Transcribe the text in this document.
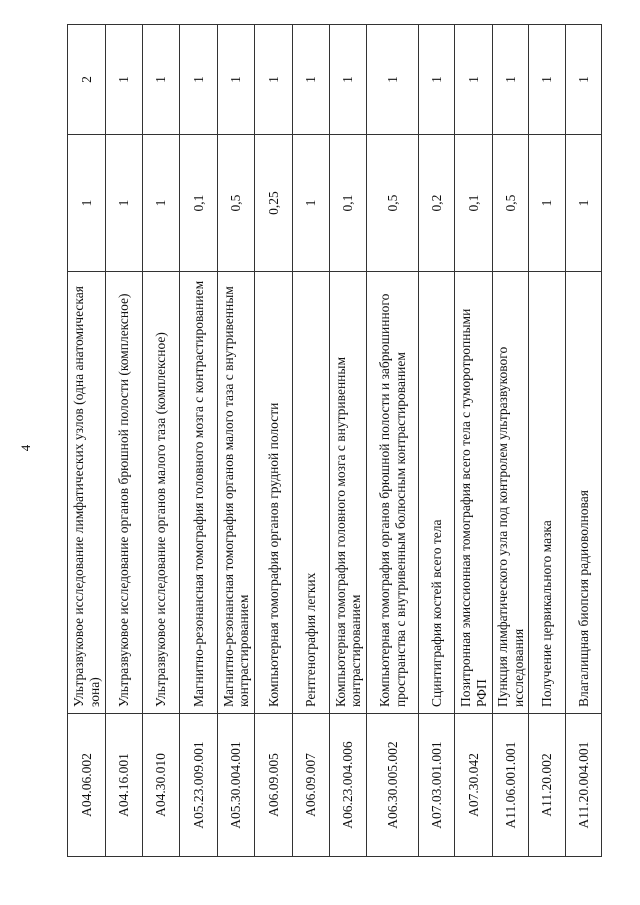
4
A04.06.002	Ультразвуковое исследование лимфатических узлов (одна анатомическая зона)	1	2
A04.16.001	Ультразвуковое исследование органов брюшной полости (комплексное)	1	1
A04.30.010	Ультразвуковое исследование органов малого таза (комплексное)	1	1
A05.23.009.001	Магнитно-резонансная томография головного мозга с контрастированием	0,1	1
A05.30.004.001	Магнитно-резонансная томография органов малого таза с внутривенным контрастированием	0,5	1
A06.09.005	Компьютерная томография органов грудной полости	0,25	1
A06.09.007	Рентгенография легких	1	1
A06.23.004.006	Компьютерная томография головного мозга с внутривенным контрастированием	0,1	1
A06.30.005.002	Компьютерная томография органов брюшной полости и забрюшинного пространства с внутривенным болюсным контрастированием	0,5	1
A07.03.001.001	Сцинтиграфия костей всего тела	0,2	1
A07.30.042	Позитронная эмиссионная томография всего тела с туморотропными РФП	0,1	1
A11.06.001.001	Пункция лимфатического узла под контролем ультразвукового исследования	0,5	1
A11.20.002	Получение цервикального мазка	1	1
A11.20.004.001	Влагалищная биопсия радиоволновая	1	1
